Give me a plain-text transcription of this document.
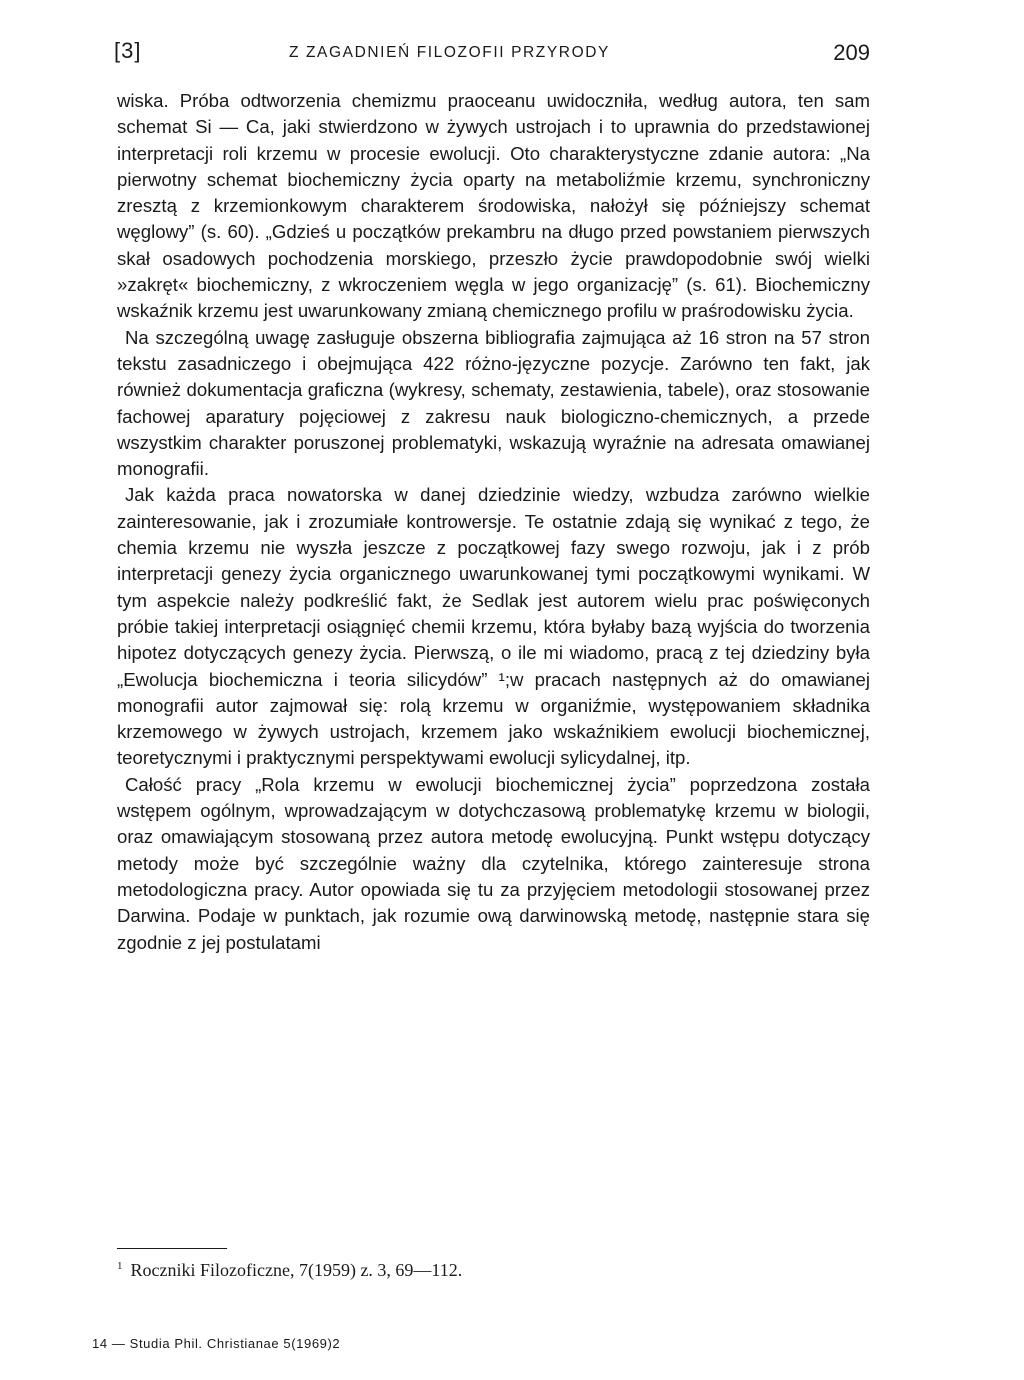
[3]	Z ZAGADNIEŃ FILOZOFII PRZYRODY	209

wiska. Próba odtworzenia chemizmu praoceanu uwidoczniła, według autora, ten sam schemat Si — Ca, jaki stwierdzono w żywych ustrojach i to uprawnia do przedstawionej interpretacji roli krzemu w procesie ewolucji. Oto charakterystyczne zdanie autora: „Na pierwotny schemat biochemiczny życia oparty na metaboliźmie krzemu, synchroniczny zresztą z krzemionkowym charakterem środowiska, nałożył się późniejszy schemat węglowy” (s. 60). „Gdzieś u początków prekambru na długo przed powstaniem pierwszych skał osadowych pochodzenia morskiego, przeszło życie prawdopodobnie swój wielki »zakręt« biochemiczny, z wkroczeniem węgla w jego organizację” (s. 61). Biochemiczny wskaźnik krzemu jest uwarunkowany zmianą chemicznego profilu w praśrodowisku życia.

Na szczególną uwagę zasługuje obszerna bibliografia zajmująca aż 16 stron na 57 stron tekstu zasadniczego i obejmująca 422 różno-języczne pozycje. Zarówno ten fakt, jak również dokumentacja graficzna (wykresy, schematy, zestawienia, tabele), oraz stosowanie fachowej aparatury pojęciowej z zakresu nauk biologiczno-chemicznych, a przede wszystkim charakter poruszonej problematyki, wskazują wyraźnie na adresata omawianej monografii.

Jak każda praca nowatorska w danej dziedzinie wiedzy, wzbudza zarówno wielkie zainteresowanie, jak i zrozumiałe kontrowersje. Te ostatnie zdają się wynikać z tego, że chemia krzemu nie wyszła jeszcze z początkowej fazy swego rozwoju, jak i z prób interpretacji genezy życia organicznego uwarunkowanej tymi początkowymi wynikami. W tym aspekcie należy podkreślić fakt, że Sedlak jest autorem wielu prac poświęconych próbie takiej interpretacji osiągnięć chemii krzemu, która byłaby bazą wyjścia do tworzenia hipotez dotyczących genezy życia. Pierwszą, o ile mi wiadomo, pracą z tej dziedziny była „Ewolucja biochemiczna i teoria silicydów” ¹;w pracach następnych aż do omawianej monografii autor zajmował się: rolą krzemu w organiźmie, występowaniem składnika krzemowego w żywych ustrojach, krzemem jako wskaźnikiem ewolucji biochemicznej, teoretycznymi i praktycznymi perspektywami ewolucji sylicydalnej, itp.

Całość pracy „Rola krzemu w ewolucji biochemicznej życia” poprzedzona została wstępem ogólnym, wprowadzającym w dotychczasową problematykę krzemu w biologii, oraz omawiającym stosowaną przez autora metodę ewolucyjną. Punkt wstępu dotyczący metody może być szczególnie ważny dla czytelnika, którego zainteresuje strona metodologiczna pracy. Autor opowiada się tu za przyjęciem metodologii stosowanej przez Darwina. Podaje w punktach, jak rozumie ową darwinowską metodę, następnie stara się zgodnie z jej postulatami

$^1$ Roczniki Filozoficzne, 7(1959) z. 3, 69—112.
14 — Studia Phil. Christianae 5(1969)2
